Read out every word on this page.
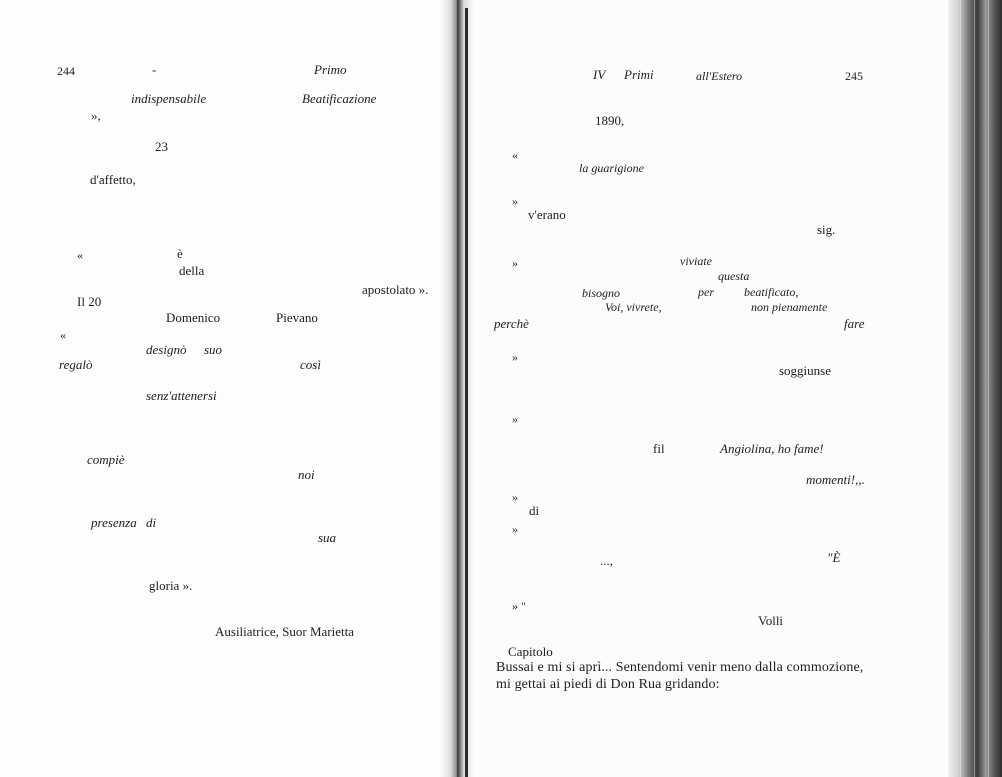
244	-	Primo
indispensabile	Beatificazione
»,
23
d'affetto,
«	è
della
apostolato ».
Il 20
Domenico	Pievano
«
designò suo
regalò	così
senz'attenersi
compiè
noi
presenza di
sua
gloria ».
Ausiliatrice, Suor Marietta
IV Primi	all'Estero	245
1890,
«
la guarigione
»
v'erano
sig.
»	viviate
questa
bisogno	per	beatificato,
Voi, vivrete,	non pienamente
perchè	fare
»
soggiunse
»
fil	Angiolina, ho fame!
momenti!,,.
»
di
»
...,	"È
» "
Volli
Capitolo
Bussai e mi si aprì... Sentendomi venir meno dalla commozione,
mi gettai ai piedi di Don Rua gridando:
